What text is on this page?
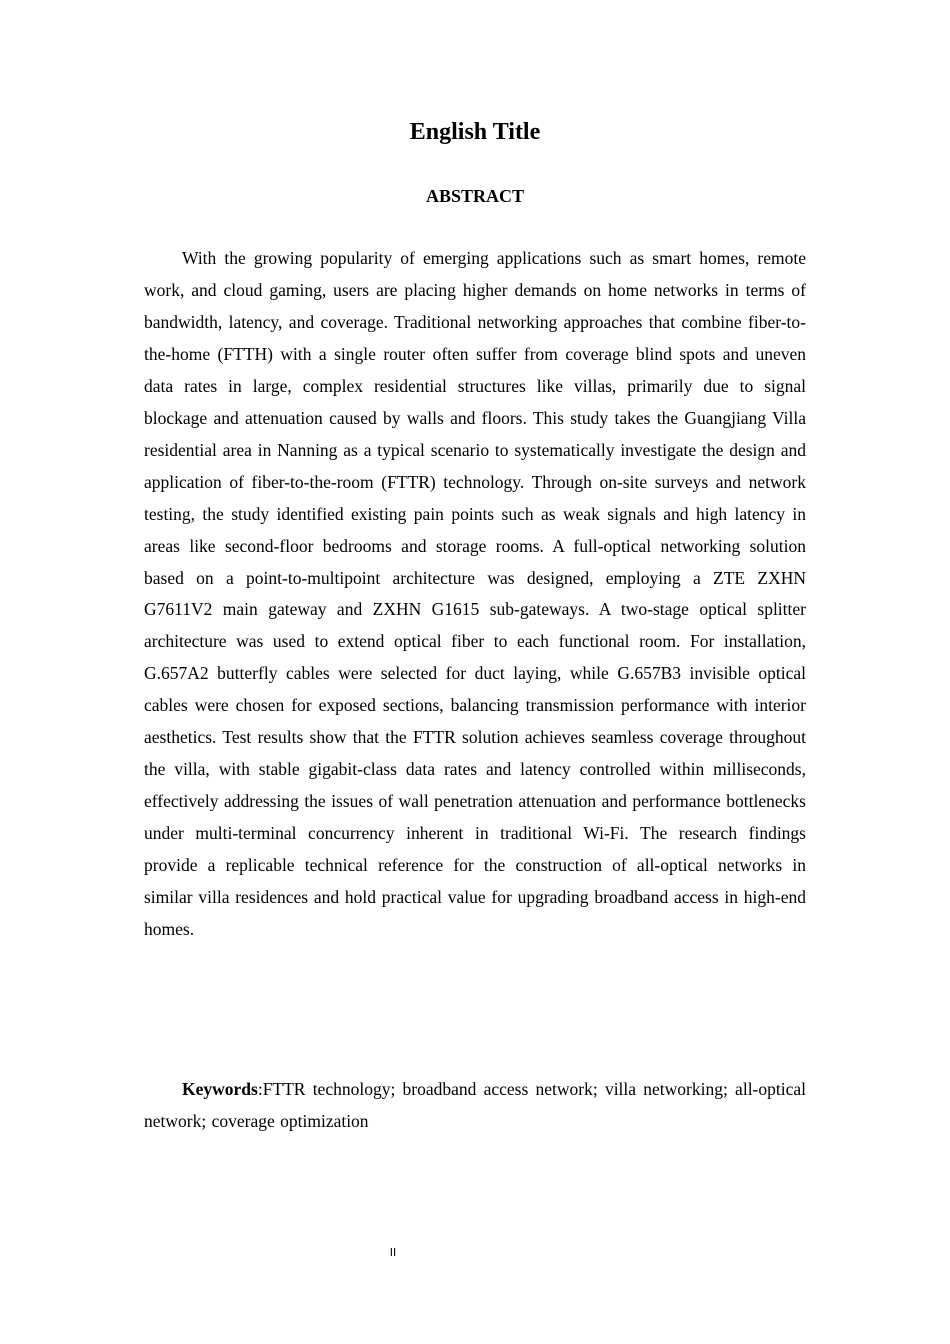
English Title
ABSTRACT

With the growing popularity of emerging applications such as smart homes, remote work, and cloud gaming, users are placing higher demands on home networks in terms of bandwidth, latency, and coverage. Traditional networking approaches that combine fiber-to-the-home (FTTH) with a single router often suffer from coverage blind spots and uneven data rates in large, complex residential structures like villas, primarily due to signal blockage and attenuation caused by walls and floors. This study takes the Guangjiang Villa residential area in Nanning as a typical scenario to systematically investigate the design and application of fiber-to-the-room (FTTR) technology. Through on-site surveys and network testing, the study identified existing pain points such as weak signals and high latency in areas like second-floor bedrooms and storage rooms. A full-optical networking solution based on a point-to-multipoint architecture was designed, employing a ZTE ZXHN G7611V2 main gateway and ZXHN G1615 sub-gateways. A two-stage optical splitter architecture was used to extend optical fiber to each functional room. For installation, G.657A2 butterfly cables were selected for duct laying, while G.657B3 invisible optical cables were chosen for exposed sections, balancing transmission performance with interior aesthetics. Test results show that the FTTR solution achieves seamless coverage throughout the villa, with stable gigabit-class data rates and latency controlled within milliseconds, effectively addressing the issues of wall penetration attenuation and performance bottlenecks under multi-terminal concurrency inherent in traditional Wi-Fi. The research findings provide a replicable technical reference for the construction of all-optical networks in similar villa residences and hold practical value for upgrading broadband access in high-end homes.

Keywords:FTTR technology; broadband access network; villa networking; all-optical network; coverage optimization

II
